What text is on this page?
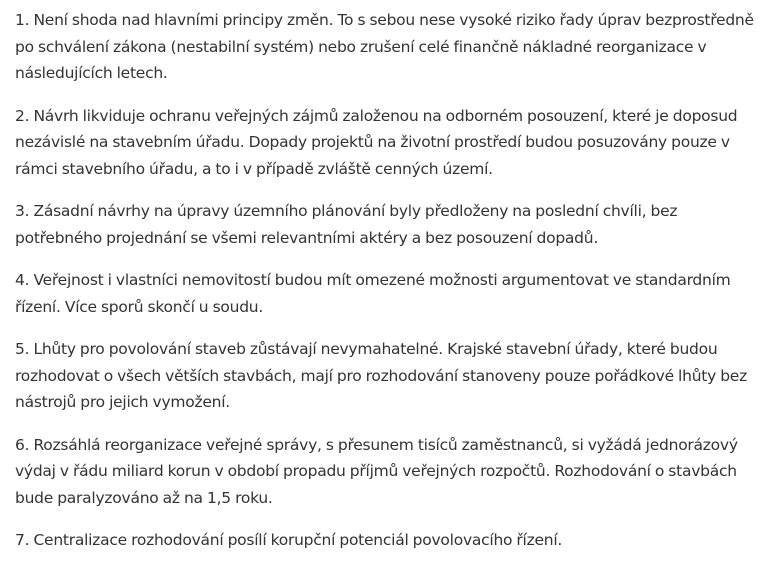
1. Není shoda nad hlavními principy změn. To s sebou nese vysoké riziko řady úprav bezprostředně po schválení zákona (nestabilní systém) nebo zrušení celé finančně nákladné reorganizace v následujících letech.

2. Návrh likviduje ochranu veřejných zájmů založenou na odborném posouzení, které je doposud nezávislé na stavebním úřadu. Dopady projektů na životní prostředí budou posuzovány pouze v rámci stavebního úřadu, a to i v případě zvláště cenných území.

3. Zásadní návrhy na úpravy územního plánování byly předloženy na poslední chvíli, bez potřebného projednání se všemi relevantními aktéry a bez posouzení dopadů.

4. Veřejnost i vlastníci nemovitostí budou mít omezené možnosti argumentovat ve standardním řízení. Více sporů skončí u soudu.

5. Lhůty pro povolování staveb zůstávají nevymahatelné. Krajské stavební úřady, které budou rozhodovat o všech větších stavbách, mají pro rozhodování stanoveny pouze pořádkové lhůty bez nástrojů pro jejich vymožení.

6. Rozsáhlá reorganizace veřejné správy, s přesunem tisíců zaměstnanců, si vyžádá jednorázový výdaj v řádu miliard korun v období propadu příjmů veřejných rozpočtů. Rozhodování o stavbách bude paralyzováno až na 1,5 roku.

7. Centralizace rozhodování posílí korupční potenciál povolovacího řízení.
